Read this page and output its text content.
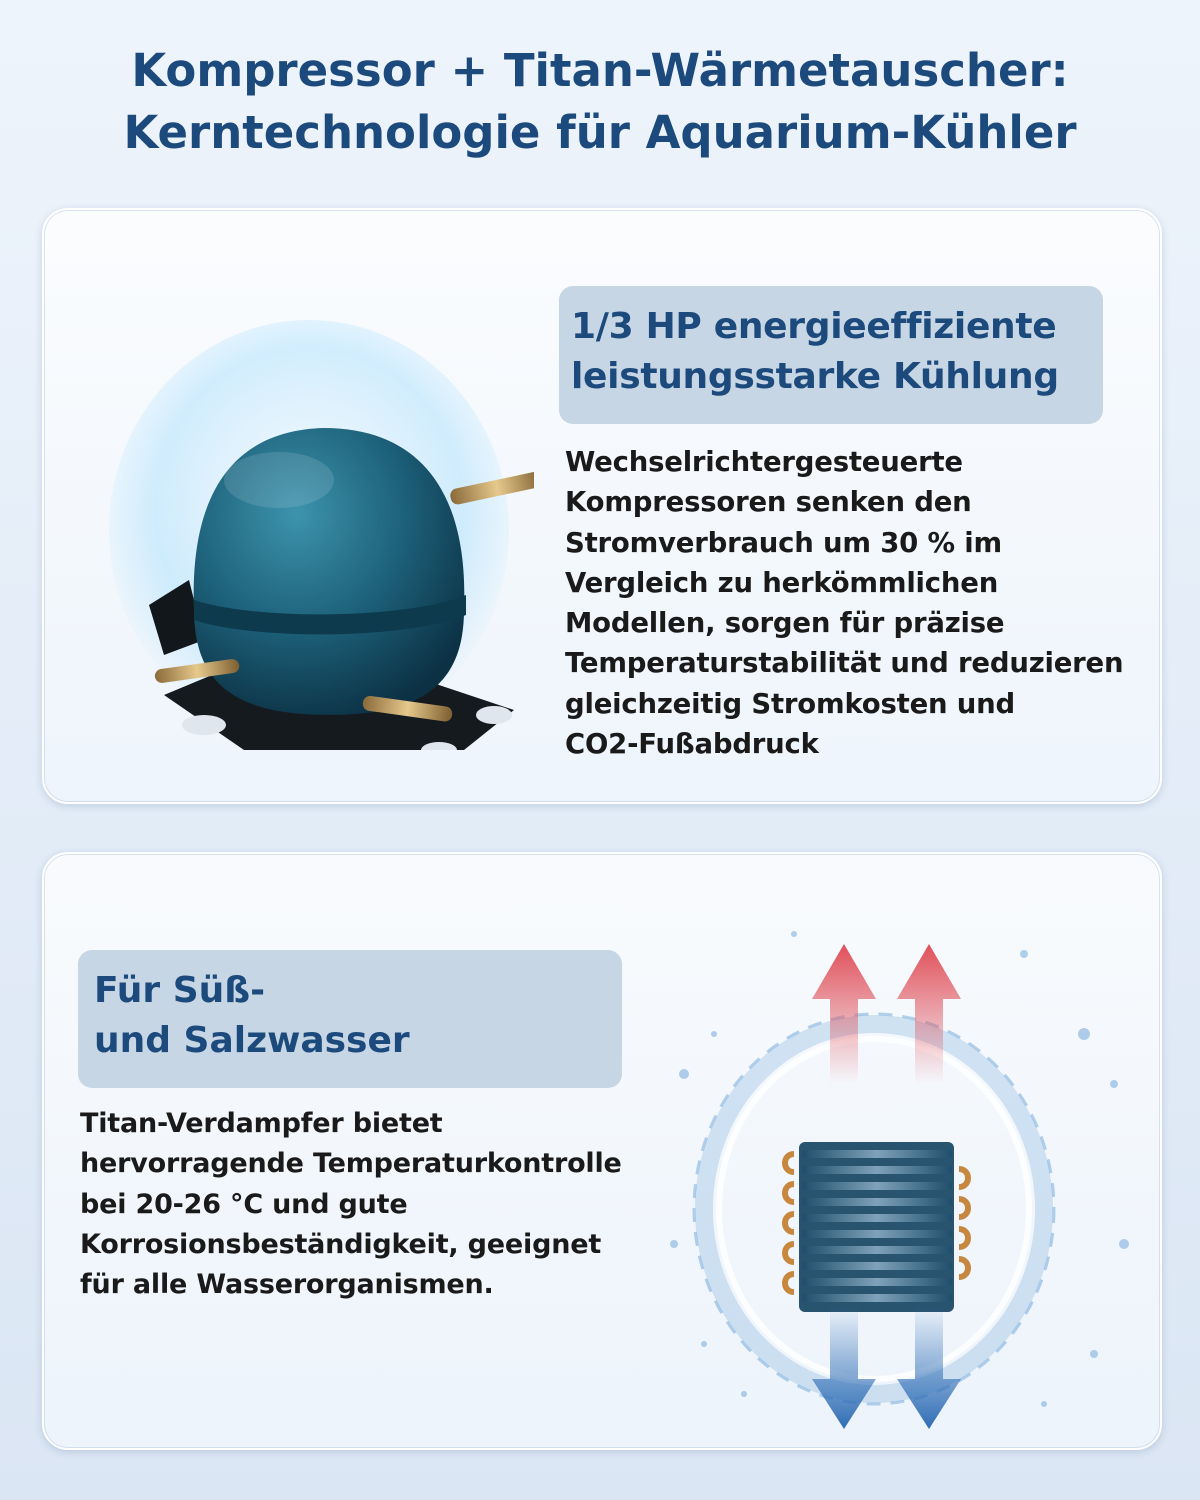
Kompressor + Titan-Wärmetauscher:
Kerntechnologie für Aquarium-Kühler
1/3 HP energieeffiziente
leistungsstarke Kühlung
Wechselrichtergesteuerte
Kompressoren senken den
Stromverbrauch um 30 % im
Vergleich zu herkömmlichen
Modellen, sorgen für präzise
Temperaturstabilität und reduzieren
gleichzeitig Stromkosten und
CO2-Fußabdruck
Für Süß-
und Salzwasser
Titan-Verdampfer bietet
hervorragende Temperaturkontrolle
bei 20-26 °C und gute
Korrosionsbeständigkeit, geeignet
für alle Wasserorganismen.
